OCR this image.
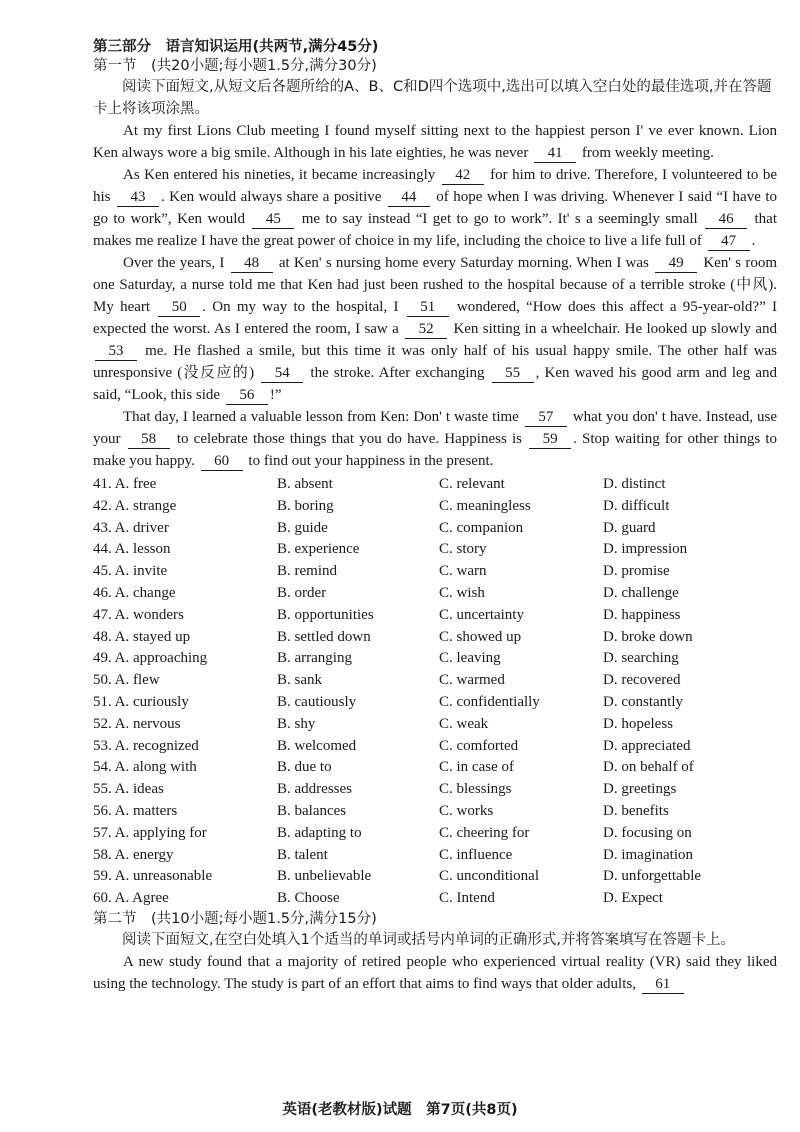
第三部分　语言知识运用(共两节,满分45分)
第一节　(共20小题;每小题1.5分,满分30分)

阅读下面短文,从短文后各题所给的A、B、C和D四个选项中,选出可以填入空白处的最佳选项,并在答题卡上将该项涂黑。

At my first Lions Club meeting I found myself sitting next to the happiest person I' ve ever known. Lion Ken always wore a big smile. Although in his late eighties, he was never 41 from weekly meeting.

As Ken entered his nineties, it became increasingly 42 for him to drive. Therefore, I volunteered to be his 43 . Ken would always share a positive 44 of hope when I was driving. Whenever I said “I have to go to work”, Ken would 45 me to say instead “I get to go to work”. It' s a seemingly small 46 that makes me realize I have the great power of choice in my life, including the choice to live a life full of 47 .

Over the years, I 48 at Ken' s nursing home every Saturday morning. When I was 49 Ken' s room one Saturday, a nurse told me that Ken had just been rushed to the hospital because of a terrible stroke (中风). My heart 50 . On my way to the hospital, I 51 wondered, “How does this affect a 95-year-old?” I expected the worst. As I entered the room, I saw a 52 Ken sitting in a wheelchair. He looked up slowly and 53 me. He flashed a smile, but this time it was only half of his usual happy smile. The other half was unresponsive (没反应的) 54 the stroke. After exchanging 55 , Ken waved his good arm and leg and said, “Look, this side 56 !”

That day, I learned a valuable lesson from Ken: Don' t waste time 57 what you don' t have. Instead, use your 58 to celebrate those things that you do have. Happiness is 59 . Stop waiting for other things to make you happy. 60 to find out your happiness in the present.

41. A. free	B. absent	C. relevant	D. distinct
42. A. strange	B. boring	C. meaningless	D. difficult
43. A. driver	B. guide	C. companion	D. guard
44. A. lesson	B. experience	C. story	D. impression
45. A. invite	B. remind	C. warn	D. promise
46. A. change	B. order	C. wish	D. challenge
47. A. wonders	B. opportunities	C. uncertainty	D. happiness
48. A. stayed up	B. settled down	C. showed up	D. broke down
49. A. approaching	B. arranging	C. leaving	D. searching
50. A. flew	B. sank	C. warmed	D. recovered
51. A. curiously	B. cautiously	C. confidentially	D. constantly
52. A. nervous	B. shy	C. weak	D. hopeless
53. A. recognized	B. welcomed	C. comforted	D. appreciated
54. A. along with	B. due to	C. in case of	D. on behalf of
55. A. ideas	B. addresses	C. blessings	D. greetings
56. A. matters	B. balances	C. works	D. benefits
57. A. applying for	B. adapting to	C. cheering for	D. focusing on
58. A. energy	B. talent	C. influence	D. imagination
59. A. unreasonable	B. unbelievable	C. unconditional	D. unforgettable
60. A. Agree	B. Choose	C. Intend	D. Expect
第二节　(共10小题;每小题1.5分,满分15分)

阅读下面短文,在空白处填入1个适当的单词或括号内单词的正确形式,并将答案填写在答题卡上。

A new study found that a majority of retired people who experienced virtual reality (VR) said they liked using the technology. The study is part of an effort that aims to find ways that older adults, 61

英语(老教材版)试题　第7页(共8页)
